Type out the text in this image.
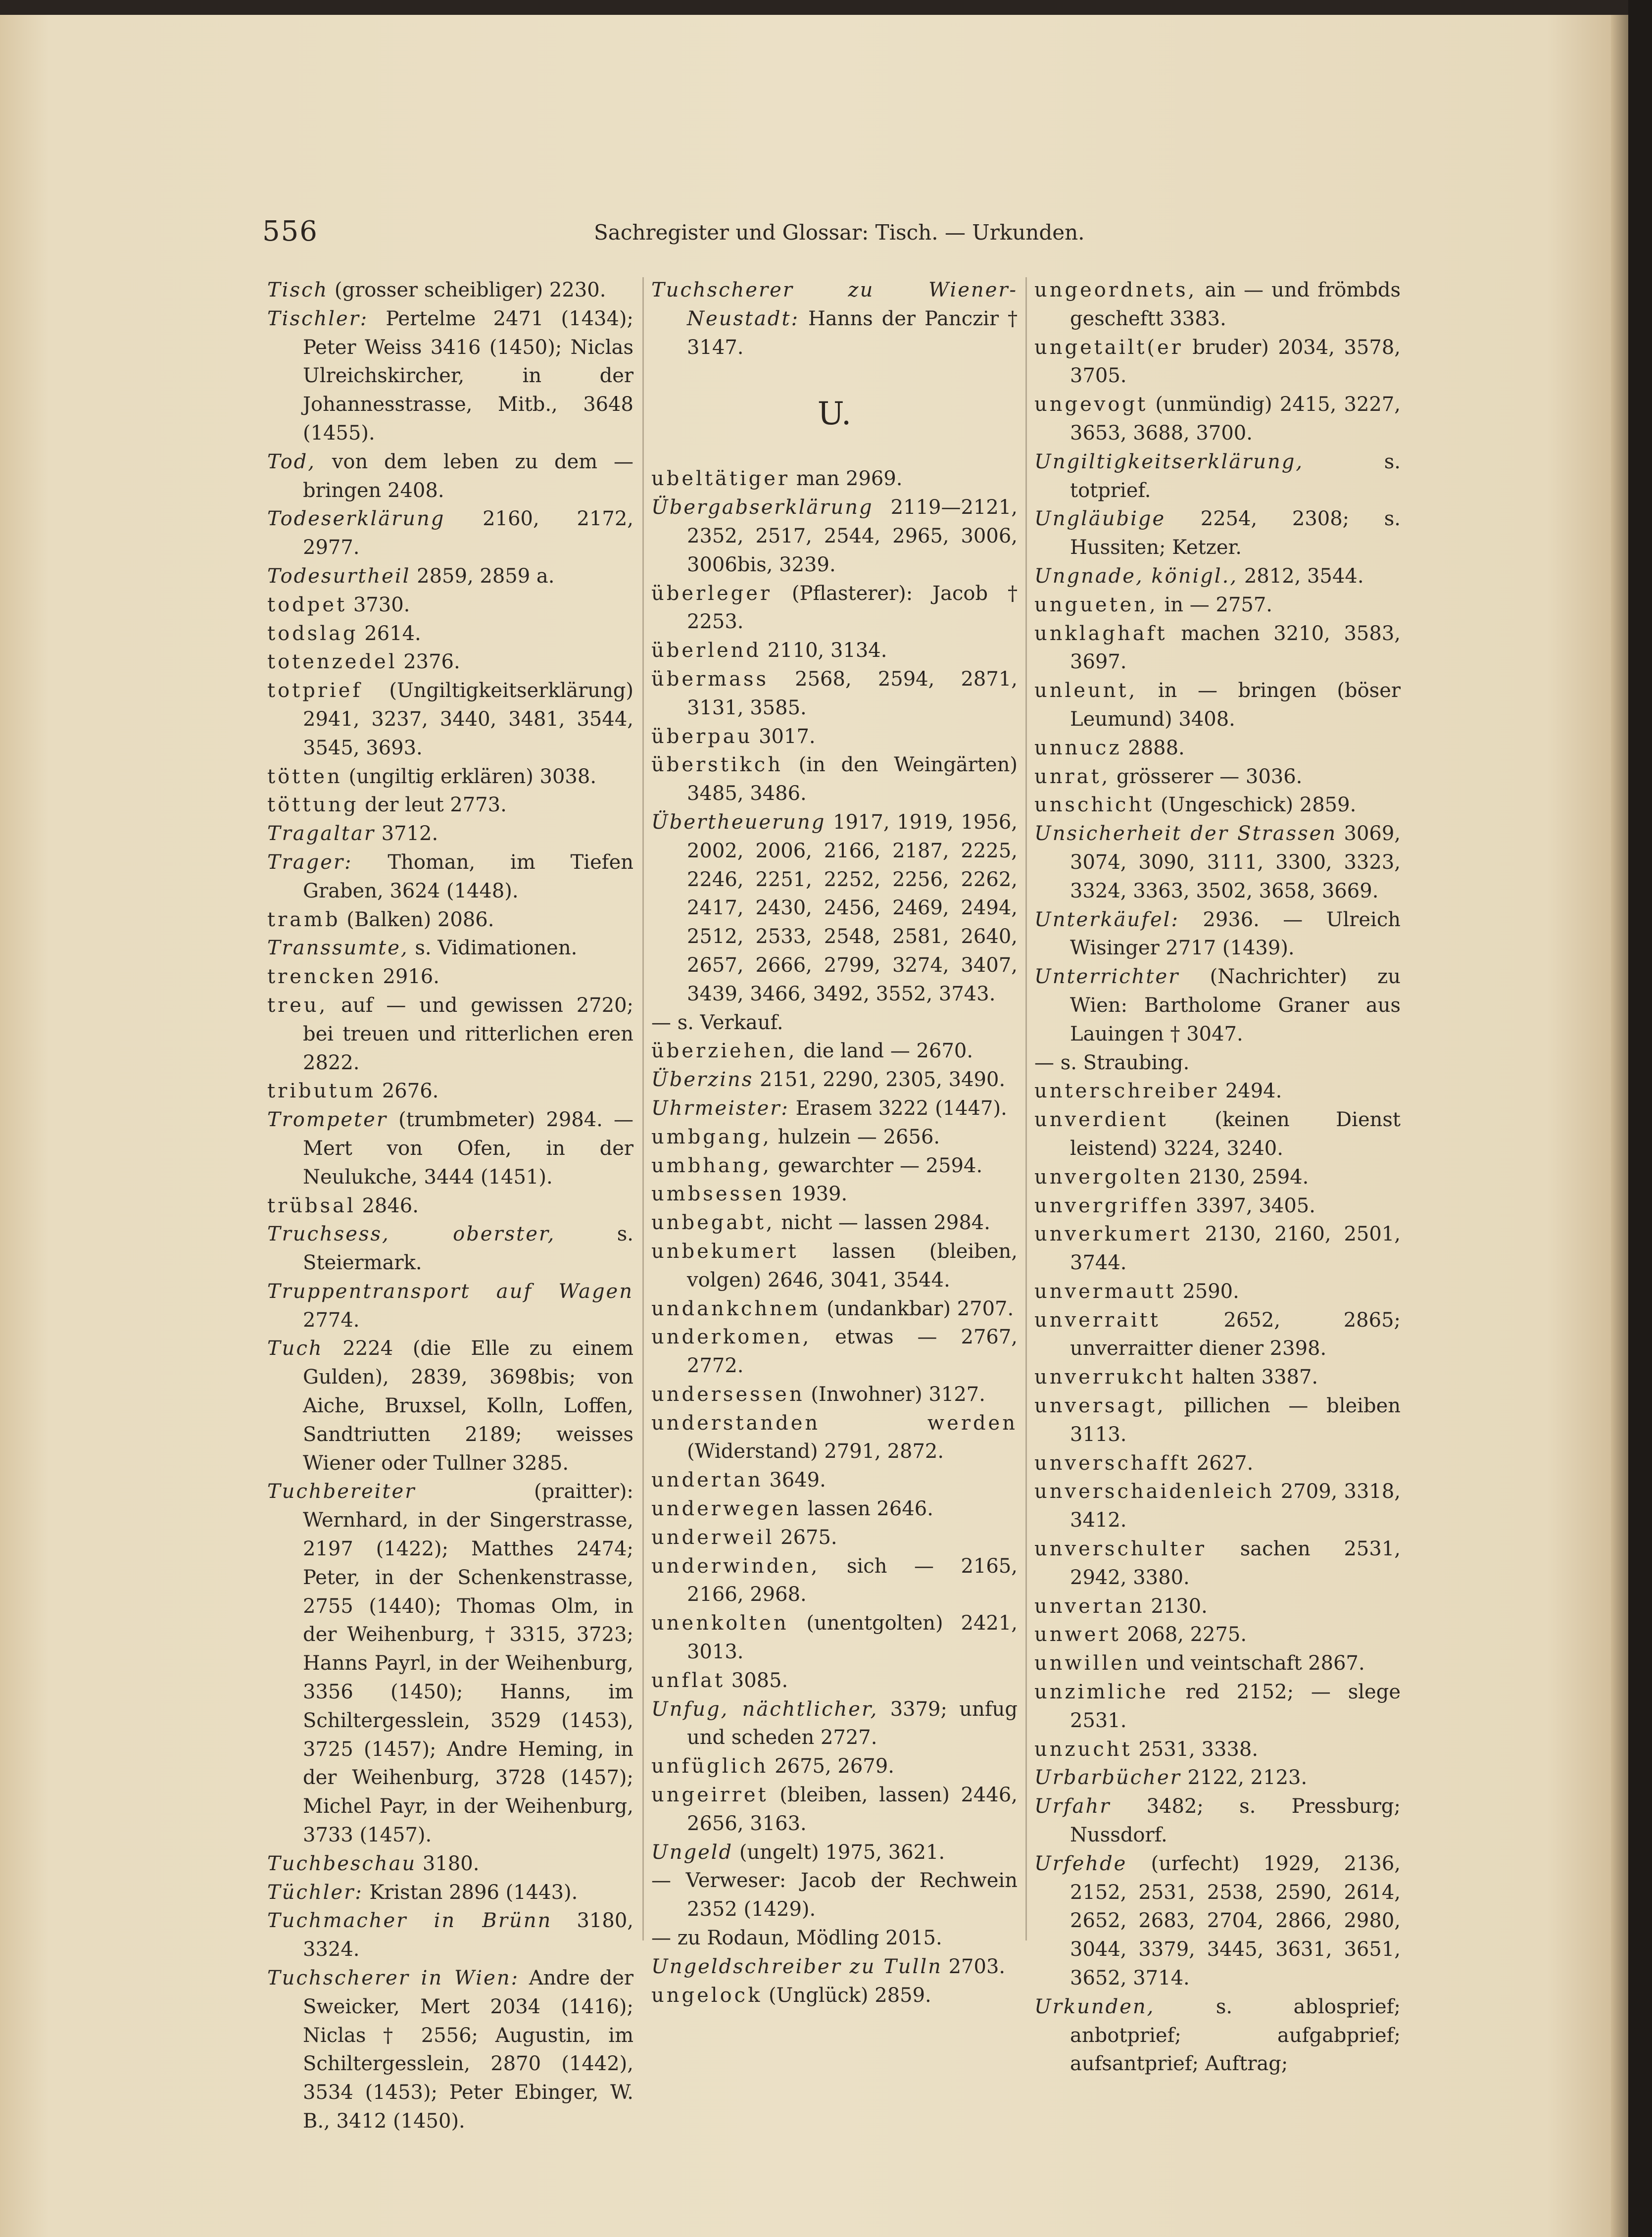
556	Sachregister und Glossar: Tisch. — Urkunden.
Tisch (grosser scheibliger) 2230.
Tischler: Pertelme 2471 (1434); Peter Weiss 3416 (1450); Niclas Ulreichskircher, in der Johannesstrasse, Mitb., 3648 (1455).
Tod, von dem leben zu dem — bringen 2408.
Todeserklärung 2160, 2172, 2977.
Todesurtheil 2859, 2859 a.
todpet 3730.
todslag 2614.
totenzedel 2376.
totprief (Ungiltigkeitserklärung) 2941, 3237, 3440, 3481, 3544, 3545, 3693.
tötten (ungiltig erklären) 3038.
töttung der leut 2773.
Tragaltar 3712.
Trager: Thoman, im Tiefen Graben, 3624 (1448).
tramb (Balken) 2086.
Transsumte, s. Vidimationen.
trencken 2916.
treu, auf — und gewissen 2720; bei treuen und ritterlichen eren 2822.
tributum 2676.
Trompeter (trumbmeter) 2984. — Mert von Ofen, in der Neulukche, 3444 (1451).
trübsal 2846.
Truchsess, oberster, s. Steiermark.
Truppentransport auf Wagen 2774.
Tuch 2224 (die Elle zu einem Gulden), 2839, 3698bis; von Aiche, Bruxsel, Kolln, Loffen, Sandtriutten 2189; weisses Wiener oder Tullner 3285.
Tuchbereiter (praitter): Wernhard, in der Singerstrasse, 2197 (1422); Matthes 2474; Peter, in der Schenkenstrasse, 2755 (1440); Thomas Olm, in der Weihenburg, † 3315, 3723; Hanns Payrl, in der Weihenburg, 3356 (1450); Hanns, im Schiltergesslein, 3529 (1453), 3725 (1457); Andre Heming, in der Weihenburg, 3728 (1457); Michel Payr, in der Weihenburg, 3733 (1457).
Tuchbeschau 3180.
Tüchler: Kristan 2896 (1443).
Tuchmacher in Brünn 3180, 3324.
Tuchscherer in Wien: Andre der Sweicker, Mert 2034 (1416); Niclas † 2556; Augustin, im Schiltergesslein, 2870 (1442), 3534 (1453); Peter Ebinger, W. B., 3412 (1450).
Tuchscherer zu Wiener-Neustadt: Hanns der Panczir † 3147.
U.
ubeltätiger man 2969.
Übergabserklärung 2119—2121, 2352, 2517, 2544, 2965, 3006, 3006bis, 3239.
überleger (Pflasterer): Jacob † 2253.
überlend 2110, 3134.
übermass 2568, 2594, 2871, 3131, 3585.
überpau 3017.
überstikch (in den Weingärten) 3485, 3486.
Übertheuerung 1917, 1919, 1956, 2002, 2006, 2166, 2187, 2225, 2246, 2251, 2252, 2256, 2262, 2417, 2430, 2456, 2469, 2494, 2512, 2533, 2548, 2581, 2640, 2657, 2666, 2799, 3274, 3407, 3439, 3466, 3492, 3552, 3743.
— s. Verkauf.
überziehen, die land — 2670.
Überzins 2151, 2290, 2305, 3490.
Uhrmeister: Erasem 3222 (1447).
umbgang, hulzein — 2656.
umbhang, gewarchter — 2594.
umbsessen 1939.
unbegabt, nicht — lassen 2984.
unbekumert lassen (bleiben, volgen) 2646, 3041, 3544.
undankchnem (undankbar) 2707.
underkomen, etwas — 2767, 2772.
undersessen (Inwohner) 3127.
understanden werden (Widerstand) 2791, 2872.
undertan 3649.
underwegen lassen 2646.
underweil 2675.
underwinden, sich — 2165, 2166, 2968.
unenkolten (unentgolten) 2421, 3013.
unflat 3085.
Unfug, nächtlicher, 3379; unfug und scheden 2727.
unfüglich 2675, 2679.
ungeirret (bleiben, lassen) 2446, 2656, 3163.
Ungeld (ungelt) 1975, 3621.
— Verweser: Jacob der Rechwein 2352 (1429).
— zu Rodaun, Mödling 2015.
Ungeldschreiber zu Tulln 2703.
ungelock (Unglück) 2859.
ungeordnets, ain — und frömbds gescheftt 3383.
ungetailt(er bruder) 2034, 3578, 3705.
ungevogt (unmündig) 2415, 3227, 3653, 3688, 3700.
Ungiltigkeitserklärung, s. totprief.
Ungläubige 2254, 2308; s. Hussiten; Ketzer.
Ungnade, königl., 2812, 3544.
ungueten, in — 2757.
unklaghaft machen 3210, 3583, 3697.
unleunt, in — bringen (böser Leumund) 3408.
unnucz 2888.
unrat, grösserer — 3036.
unschicht (Ungeschick) 2859.
Unsicherheit der Strassen 3069, 3074, 3090, 3111, 3300, 3323, 3324, 3363, 3502, 3658, 3669.
Unterkäufel: 2936. — Ulreich Wisinger 2717 (1439).
Unterrichter (Nachrichter) zu Wien: Bartholome Graner aus Lauingen † 3047.
— s. Straubing.
unterschreiber 2494.
unverdient (keinen Dienst leistend) 3224, 3240.
unvergolten 2130, 2594.
unvergriffen 3397, 3405.
unverkumert 2130, 2160, 2501, 3744.
unvermautt 2590.
unverraitt 2652, 2865; unverraitter diener 2398.
unverrukcht halten 3387.
unversagt, pillichen — bleiben 3113.
unverschafft 2627.
unverschaidenleich 2709, 3318, 3412.
unverschulter sachen 2531, 2942, 3380.
unvertan 2130.
unwert 2068, 2275.
unwillen und veintschaft 2867.
unzimliche red 2152; — slege 2531.
unzucht 2531, 3338.
Urbarbücher 2122, 2123.
Urfahr 3482; s. Pressburg; Nussdorf.
Urfehde (urfecht) 1929, 2136, 2152, 2531, 2538, 2590, 2614, 2652, 2683, 2704, 2866, 2980, 3044, 3379, 3445, 3631, 3651, 3652, 3714.
Urkunden, s. ablosprief; anbotprief; aufgabprief; aufsantprief; Auftrag;
